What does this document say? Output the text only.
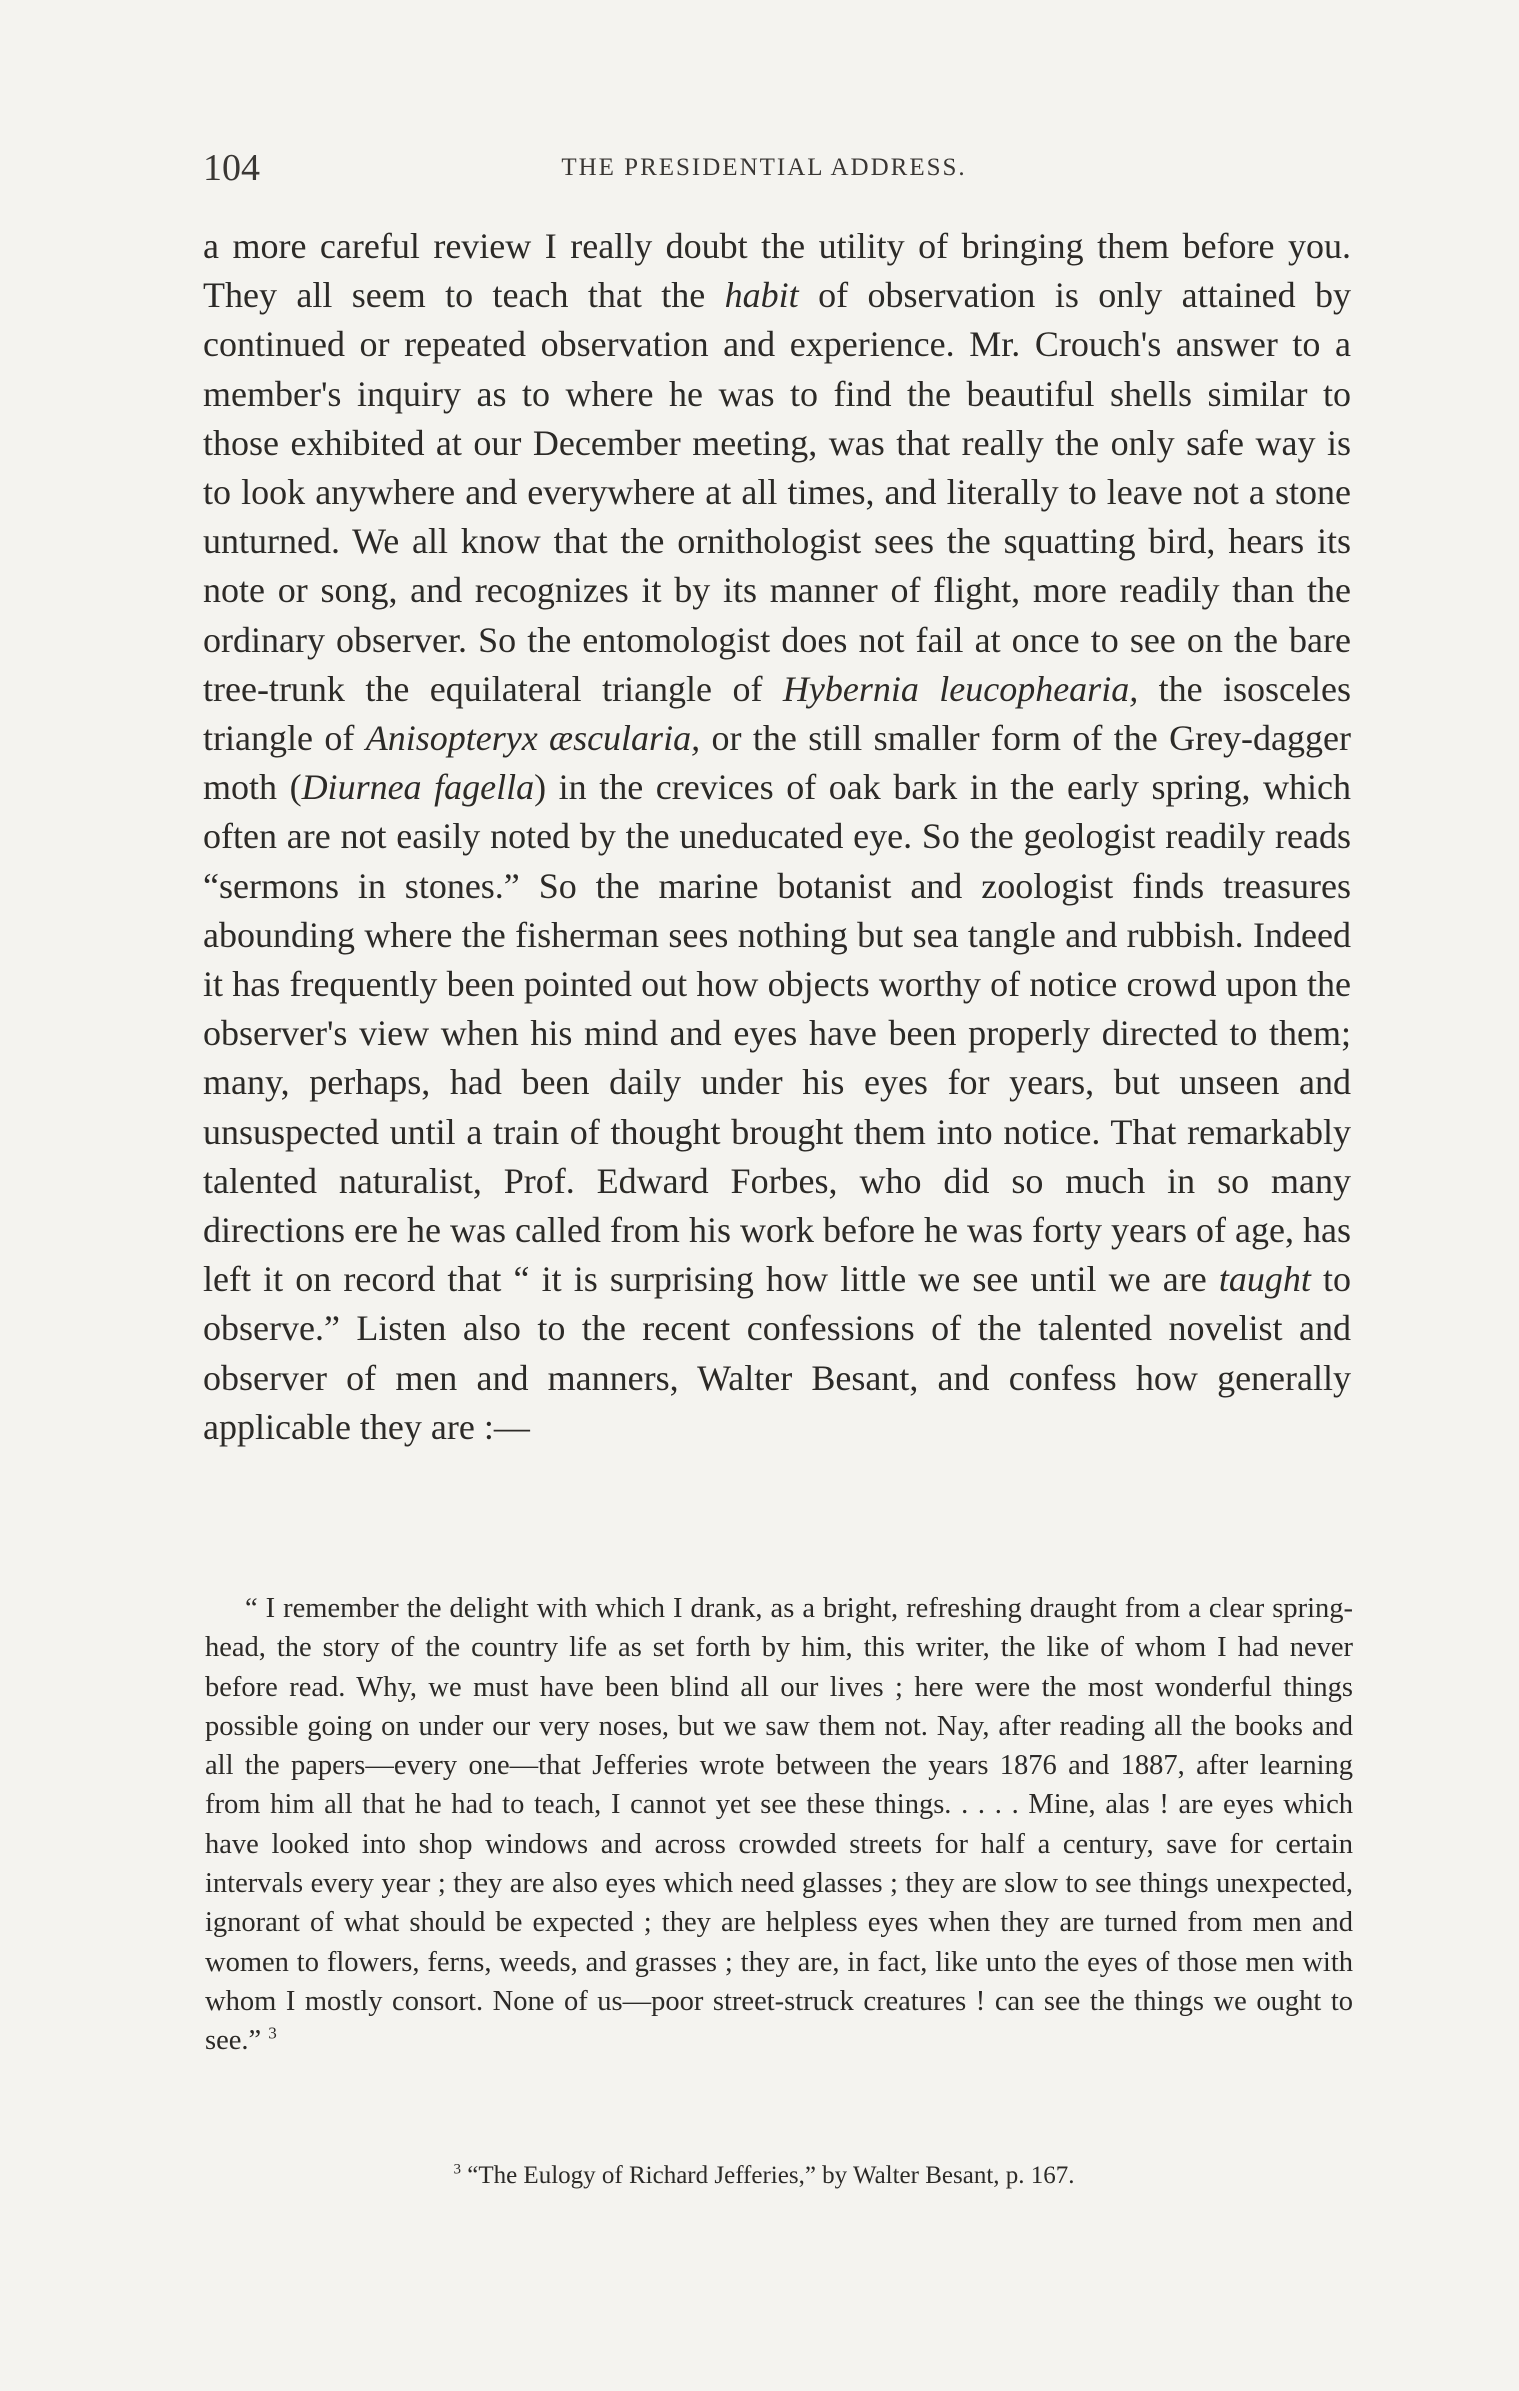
104	THE PRESIDENTIAL ADDRESS.

a more careful review I really doubt the utility of bringing them before you. They all seem to teach that the habit of observation is only attained by continued or repeated observation and experience. Mr. Crouch's answer to a member's inquiry as to where he was to find the beautiful shells similar to those exhibited at our December meeting, was that really the only safe way is to look anywhere and everywhere at all times, and literally to leave not a stone unturned. We all know that the ornithologist sees the squatting bird, hears its note or song, and recognizes it by its manner of flight, more readily than the ordinary observer. So the entomologist does not fail at once to see on the bare tree-trunk the equilateral triangle of Hybernia leucophearia, the isosceles triangle of Anisopteryx æscularia, or the still smaller form of the Grey-dagger moth (Diurnea fagella) in the crevices of oak bark in the early spring, which often are not easily noted by the uneducated eye. So the geologist readily reads “sermons in stones.” So the marine botanist and zoologist finds treasures abounding where the fisherman sees nothing but sea tangle and rubbish. Indeed it has frequently been pointed out how objects worthy of notice crowd upon the observer's view when his mind and eyes have been properly directed to them; many, perhaps, had been daily under his eyes for years, but unseen and unsuspected until a train of thought brought them into notice. That remarkably talented naturalist, Prof. Edward Forbes, who did so much in so many directions ere he was called from his work before he was forty years of age, has left it on record that “ it is surprising how little we see until we are taught to observe.” Listen also to the recent confessions of the talented novelist and observer of men and manners, Walter Besant, and confess how generally applicable they are :—

“ I remember the delight with which I drank, as a bright, refreshing draught from a clear spring-head, the story of the country life as set forth by him, this writer, the like of whom I had never before read. Why, we must have been blind all our lives ; here were the most wonderful things possible going on under our very noses, but we saw them not. Nay, after reading all the books and all the papers—every one—that Jefferies wrote between the years 1876 and 1887, after learning from him all that he had to teach, I cannot yet see these things. . . . . Mine, alas ! are eyes which have looked into shop windows and across crowded streets for half a century, save for certain intervals every year ; they are also eyes which need glasses ; they are slow to see things unexpected, ignorant of what should be expected ; they are helpless eyes when they are turned from men and women to flowers, ferns, weeds, and grasses ; they are, in fact, like unto the eyes of those men with whom I mostly consort. None of us—poor street-struck creatures ! can see the things we ought to see.” $^3$

$^3$ “The Eulogy of Richard Jefferies,” by Walter Besant, p. 167.
